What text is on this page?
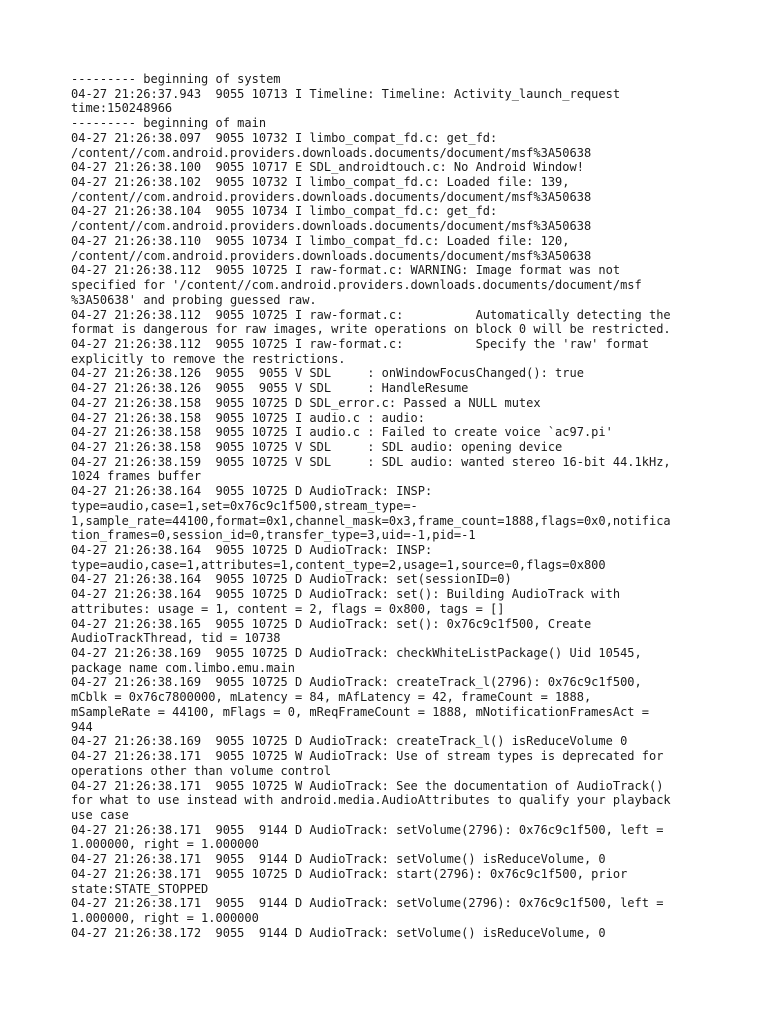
--------- beginning of system

04-27 21:26:37.943  9055 10713 I Timeline: Timeline: Activity_launch_request

time:150248966

--------- beginning of main

04-27 21:26:38.097  9055 10732 I limbo_compat_fd.c: get_fd:

/content//com.android.providers.downloads.documents/document/msf%3A50638

04-27 21:26:38.100  9055 10717 E SDL_androidtouch.c: No Android Window!

04-27 21:26:38.102  9055 10732 I limbo_compat_fd.c: Loaded file: 139,

/content//com.android.providers.downloads.documents/document/msf%3A50638

04-27 21:26:38.104  9055 10734 I limbo_compat_fd.c: get_fd:

/content//com.android.providers.downloads.documents/document/msf%3A50638

04-27 21:26:38.110  9055 10734 I limbo_compat_fd.c: Loaded file: 120,

/content//com.android.providers.downloads.documents/document/msf%3A50638

04-27 21:26:38.112  9055 10725 I raw-format.c: WARNING: Image format was not

specified for '/content//com.android.providers.downloads.documents/document/msf

%3A50638' and probing guessed raw.

04-27 21:26:38.112  9055 10725 I raw-format.c:          Automatically detecting the

format is dangerous for raw images, write operations on block 0 will be restricted.

04-27 21:26:38.112  9055 10725 I raw-format.c:          Specify the 'raw' format

explicitly to remove the restrictions.

04-27 21:26:38.126  9055  9055 V SDL     : onWindowFocusChanged(): true

04-27 21:26:38.126  9055  9055 V SDL     : HandleResume

04-27 21:26:38.158  9055 10725 D SDL_error.c: Passed a NULL mutex

04-27 21:26:38.158  9055 10725 I audio.c : audio:

04-27 21:26:38.158  9055 10725 I audio.c : Failed to create voice `ac97.pi'

04-27 21:26:38.158  9055 10725 V SDL     : SDL audio: opening device

04-27 21:26:38.159  9055 10725 V SDL     : SDL audio: wanted stereo 16-bit 44.1kHz,

1024 frames buffer

04-27 21:26:38.164  9055 10725 D AudioTrack: INSP:

type=audio,case=1,set=0x76c9c1f500,stream_type=-

1,sample_rate=44100,format=0x1,channel_mask=0x3,frame_count=1888,flags=0x0,notifica

tion_frames=0,session_id=0,transfer_type=3,uid=-1,pid=-1

04-27 21:26:38.164  9055 10725 D AudioTrack: INSP:

type=audio,case=1,attributes=1,content_type=2,usage=1,source=0,flags=0x800

04-27 21:26:38.164  9055 10725 D AudioTrack: set(sessionID=0)

04-27 21:26:38.164  9055 10725 D AudioTrack: set(): Building AudioTrack with

attributes: usage = 1, content = 2, flags = 0x800, tags = []

04-27 21:26:38.165  9055 10725 D AudioTrack: set(): 0x76c9c1f500, Create

AudioTrackThread, tid = 10738

04-27 21:26:38.169  9055 10725 D AudioTrack: checkWhiteListPackage() Uid 10545,

package name com.limbo.emu.main

04-27 21:26:38.169  9055 10725 D AudioTrack: createTrack_l(2796): 0x76c9c1f500,

mCblk = 0x76c7800000, mLatency = 84, mAfLatency = 42, frameCount = 1888,

mSampleRate = 44100, mFlags = 0, mReqFrameCount = 1888, mNotificationFramesAct =

944

04-27 21:26:38.169  9055 10725 D AudioTrack: createTrack_l() isReduceVolume 0

04-27 21:26:38.171  9055 10725 W AudioTrack: Use of stream types is deprecated for

operations other than volume control

04-27 21:26:38.171  9055 10725 W AudioTrack: See the documentation of AudioTrack()

for what to use instead with android.media.AudioAttributes to qualify your playback

use case

04-27 21:26:38.171  9055  9144 D AudioTrack: setVolume(2796): 0x76c9c1f500, left =

1.000000, right = 1.000000

04-27 21:26:38.171  9055  9144 D AudioTrack: setVolume() isReduceVolume, 0

04-27 21:26:38.171  9055 10725 D AudioTrack: start(2796): 0x76c9c1f500, prior

state:STATE_STOPPED

04-27 21:26:38.171  9055  9144 D AudioTrack: setVolume(2796): 0x76c9c1f500, left =

1.000000, right = 1.000000

04-27 21:26:38.172  9055  9144 D AudioTrack: setVolume() isReduceVolume, 0
